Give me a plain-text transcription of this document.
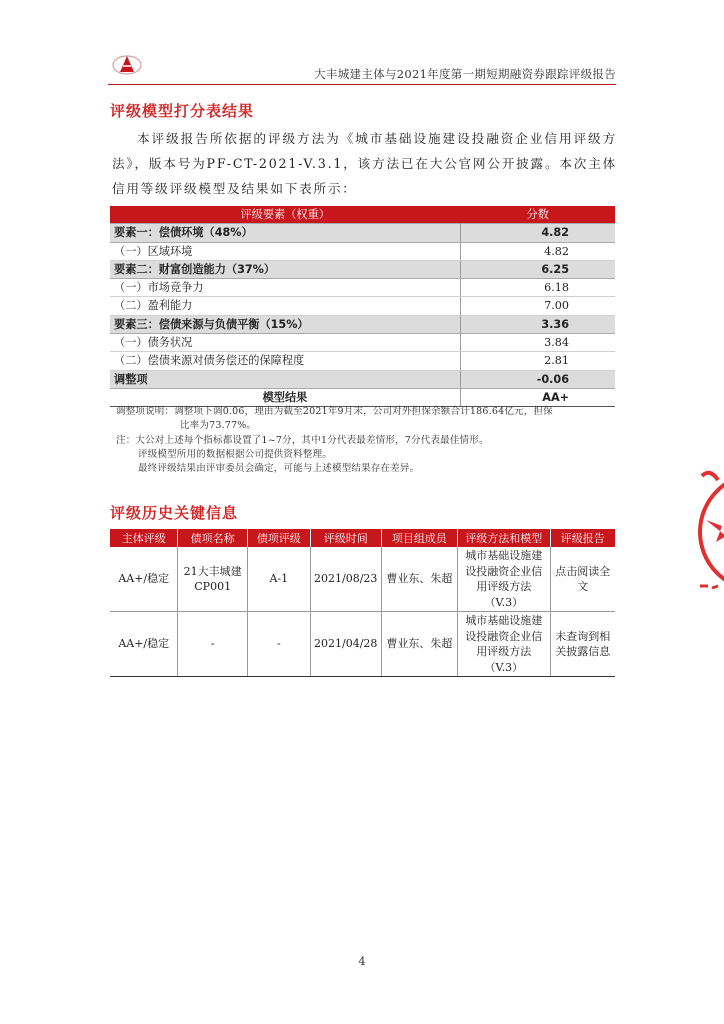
大丰城建主体与2021年度第一期短期融资券跟踪评级报告
评级模型打分表结果
本评级报告所依据的评级方法为《城市基础设施建设投融资企业信用评级方法》，版本号为PF-CT-2021-V.3.1，该方法已在大公官网公开披露。本次主体信用等级评级模型及结果如下表所示：
评级要素（权重）	分数
要素一：偿债环境（48%）	4.82
（一）区域环境	4.82
要素二：财富创造能力（37%）	6.25
（一）市场竞争力	6.18
（二）盈利能力	7.00
要素三：偿债来源与负债平衡（15%）	3.36
（一）债务状况	3.84
（二）偿债来源对债务偿还的保障程度	2.81
调整项	-0.06
模型结果	AA+
调整项说明：调整项下调0.06，理由为截至2021年9月末，公司对外担保余额合计186.64亿元，担保
比率为73.77%。
注：大公对上述每个指标都设置了1~7分，其中1分代表最差情形，7分代表最佳情形。
评级模型所用的数据根据公司提供资料整理。
最终评级结果由评审委员会确定，可能与上述模型结果存在差异。
评级历史关键信息
主体评级	债项名称	债项评级	评级时间	项目组成员	评级方法和模型	评级报告
AA+/稳定	21大丰城建CP001	A-1	2021/08/23	曹业东、朱超	城市基础设施建设投融资企业信用评级方法（V.3）	点击阅读全文
AA+/稳定	-	-	2021/04/28	曹业东、朱超	城市基础设施建设投融资企业信用评级方法（V.3）	未查询到相关披露信息
4
